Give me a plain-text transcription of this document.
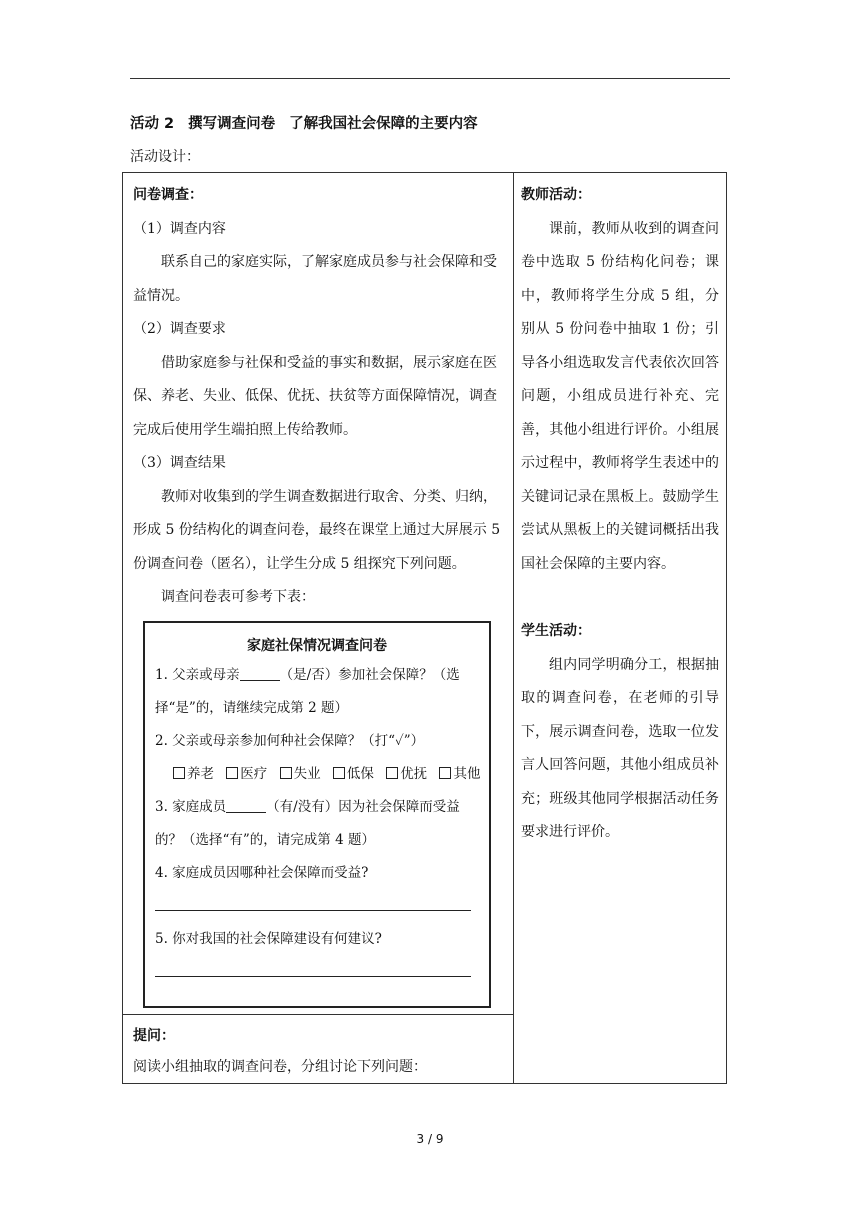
活动 2 撰写调查问卷 了解我国社会保障的主要内容
活动设计：

问卷调查：

（1）调查内容

联系自己的家庭实际，了解家庭成员参与社会保障和受益情况。

（2）调查要求

借助家庭参与社保和受益的事实和数据，展示家庭在医保、养老、失业、低保、优抚、扶贫等方面保障情况，调查完成后使用学生端拍照上传给教师。

（3）调查结果

教师对收集到的学生调查数据进行取舍、分类、归纳，形成 5 份结构化的调查问卷，最终在课堂上通过大屏展示 5 份调查问卷（匿名），让学生分成 5 组探究下列问题。

调查问卷表可参考下表：

家庭社保情况调查问卷

1. 父亲或母亲	（是/否）参加社会保障？（选择“是”的，请继续完成第 2 题）

2. 父亲或母亲参加何种社会保障？（打“✓”）

养老 医疗 失业 低保 优抚 其他

3. 家庭成员	（有/没有）因为社会保障而受益的？（选择“有”的，请完成第 4 题）

4. 家庭成员因哪种社会保障而受益?

5. 你对我国的社会保障建设有何建议?

提问：

阅读小组抽取的调查问卷，分组讨论下列问题：

教师活动：

课前，教师从收到的调查问卷中选取 5 份结构化问卷；课中，教师将学生分成 5 组，分别从 5 份问卷中抽取 1 份；引导各小组选取发言代表依次回答问题，小组成员进行补充、完善，其他小组进行评价。小组展示过程中，教师将学生表述中的关键词记录在黑板上。鼓励学生尝试从黑板上的关键词概括出我国社会保障的主要内容。

学生活动：

组内同学明确分工，根据抽取的调查问卷，在老师的引导下，展示调查问卷，选取一位发言人回答问题，其他小组成员补充；班级其他同学根据活动任务要求进行评价。

3 / 9
